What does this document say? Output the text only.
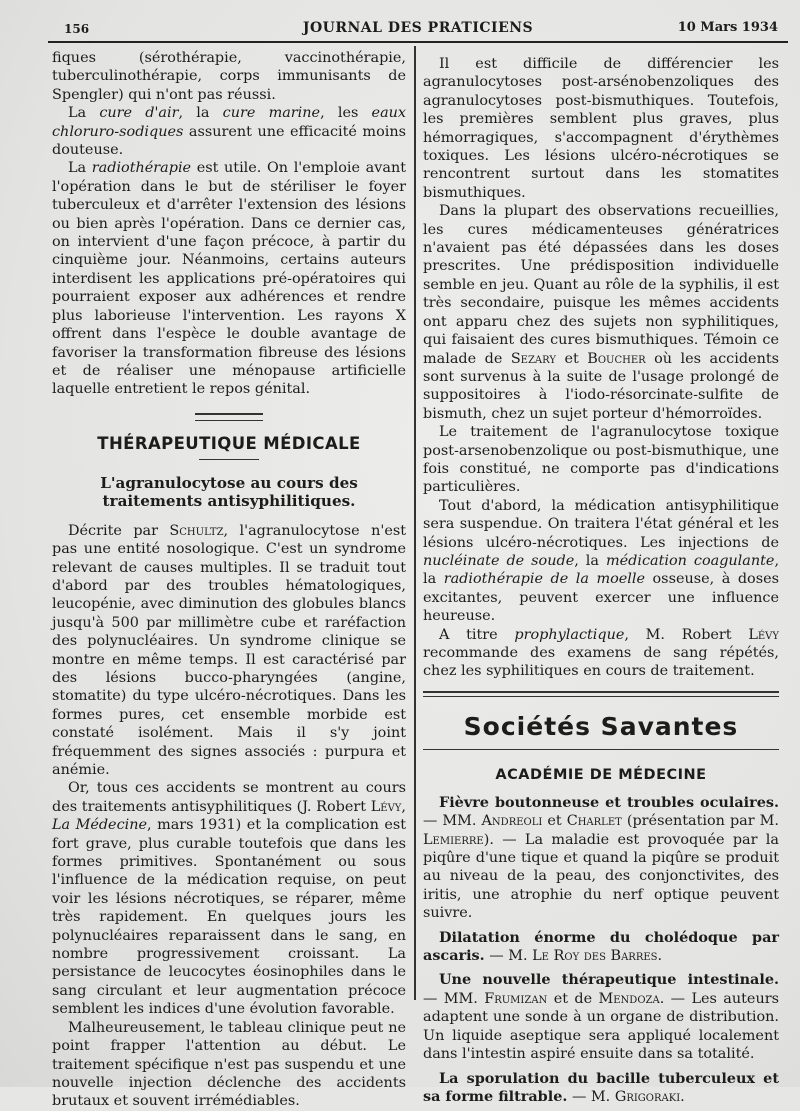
156	JOURNAL DES PRATICIENS	10 Mars 1934

fiques (sérothérapie, vaccinothérapie, tuberculinothérapie, corps immunisants de Spengler) qui n'ont pas réussi.

La cure d'air, la cure marine, les eaux chloruro-sodiques assurent une efficacité moins douteuse.

La radiothérapie est utile. On l'emploie avant l'opération dans le but de stériliser le foyer tuberculeux et d'arrêter l'extension des lésions ou bien après l'opération. Dans ce dernier cas, on intervient d'une façon précoce, à partir du cinquième jour. Néanmoins, certains auteurs interdisent les applications pré-opératoires qui pourraient exposer aux adhérences et rendre plus laborieuse l'intervention. Les rayons X offrent dans l'espèce le double avantage de favoriser la transformation fibreuse des lésions et de réaliser une ménopause artificielle laquelle entretient le repos génital.

THÉRAPEUTIQUE MÉDICALE
L'agranulocytose au cours des traitements antisyphilitiques.

Décrite par Schultz, l'agranulocytose n'est pas une entité nosologique. C'est un syndrome relevant de causes multiples. Il se traduit tout d'abord par des troubles hématologiques, leucopénie, avec diminution des globules blancs jusqu'à 500 par millimètre cube et raréfaction des polynucléaires. Un syndrome clinique se montre en même temps. Il est caractérisé par des lésions bucco-pharyngées (angine, stomatite) du type ulcéro-nécrotiques. Dans les formes pures, cet ensemble morbide est constaté isolément. Mais il s'y joint fréquemment des signes associés : purpura et anémie.

Or, tous ces accidents se montrent au cours des traitements antisyphilitiques (J. Robert Lévy, La Médecine, mars 1931) et la complication est fort grave, plus curable toutefois que dans les formes primitives. Spontanément ou sous l'influence de la médication requise, on peut voir les lésions nécrotiques, se réparer, même très rapidement. En quelques jours les polynucléaires reparaissent dans le sang, en nombre progressivement croissant. La persistance de leucocytes éosinophiles dans le sang circulant et leur augmentation précoce semblent les indices d'une évolution favorable.

Malheureusement, le tableau clinique peut ne point frapper l'attention au début. Le traitement spécifique n'est pas suspendu et une nouvelle injection déclenche des accidents brutaux et souvent irrémédiables.

Il est difficile de différencier les agranulocytoses post-arsénobenzoliques des agranulocytoses post-bismuthiques. Toutefois, les premières semblent plus graves, plus hémorragiques, s'accompagnent d'érythèmes toxiques. Les lésions ulcéro-nécrotiques se rencontrent surtout dans les stomatites bismuthiques.

Dans la plupart des observations recueillies, les cures médicamenteuses génératrices n'avaient pas été dépassées dans les doses prescrites. Une prédisposition individuelle semble en jeu. Quant au rôle de la syphilis, il est très secondaire, puisque les mêmes accidents ont apparu chez des sujets non syphilitiques, qui faisaient des cures bismuthiques. Témoin ce malade de Sezary et Boucher où les accidents sont survenus à la suite de l'usage prolongé de suppositoires à l'iodo-résorcinate-sulfite de bismuth, chez un sujet porteur d'hémorroïdes.

Le traitement de l'agranulocytose toxique post-arsenobenzolique ou post-bismuthique, une fois constitué, ne comporte pas d'indications particulières.

Tout d'abord, la médication antisyphilitique sera suspendue. On traitera l'état général et les lésions ulcéro-nécrotiques. Les injections de nucléinate de soude, la médication coagulante, la radiothérapie de la moelle osseuse, à doses excitantes, peuvent exercer une influence heureuse.

A titre prophylactique, M. Robert Lévy recommande des examens de sang répétés, chez les syphilitiques en cours de traitement.

Sociétés Savantes
ACADÉMIE DE MÉDECINE

Fièvre boutonneuse et troubles oculaires. — MM. Andreoli et Charlet (présentation par M. Lemierre). — La maladie est provoquée par la piqûre d'une tique et quand la piqûre se produit au niveau de la peau, des conjonctivites, des iritis, une atrophie du nerf optique peuvent suivre.

Dilatation énorme du cholédoque par ascaris. — M. Le Roy des Barres.

Une nouvelle thérapeutique intestinale. — MM. Frumizan et de Mendoza. — Les auteurs adaptent une sonde à un organe de distribution. Un liquide aseptique sera appliqué localement dans l'intestin aspiré ensuite dans sa totalité.

La sporulation du bacille tuberculeux et sa forme filtrable. — M. Grigoraki.
